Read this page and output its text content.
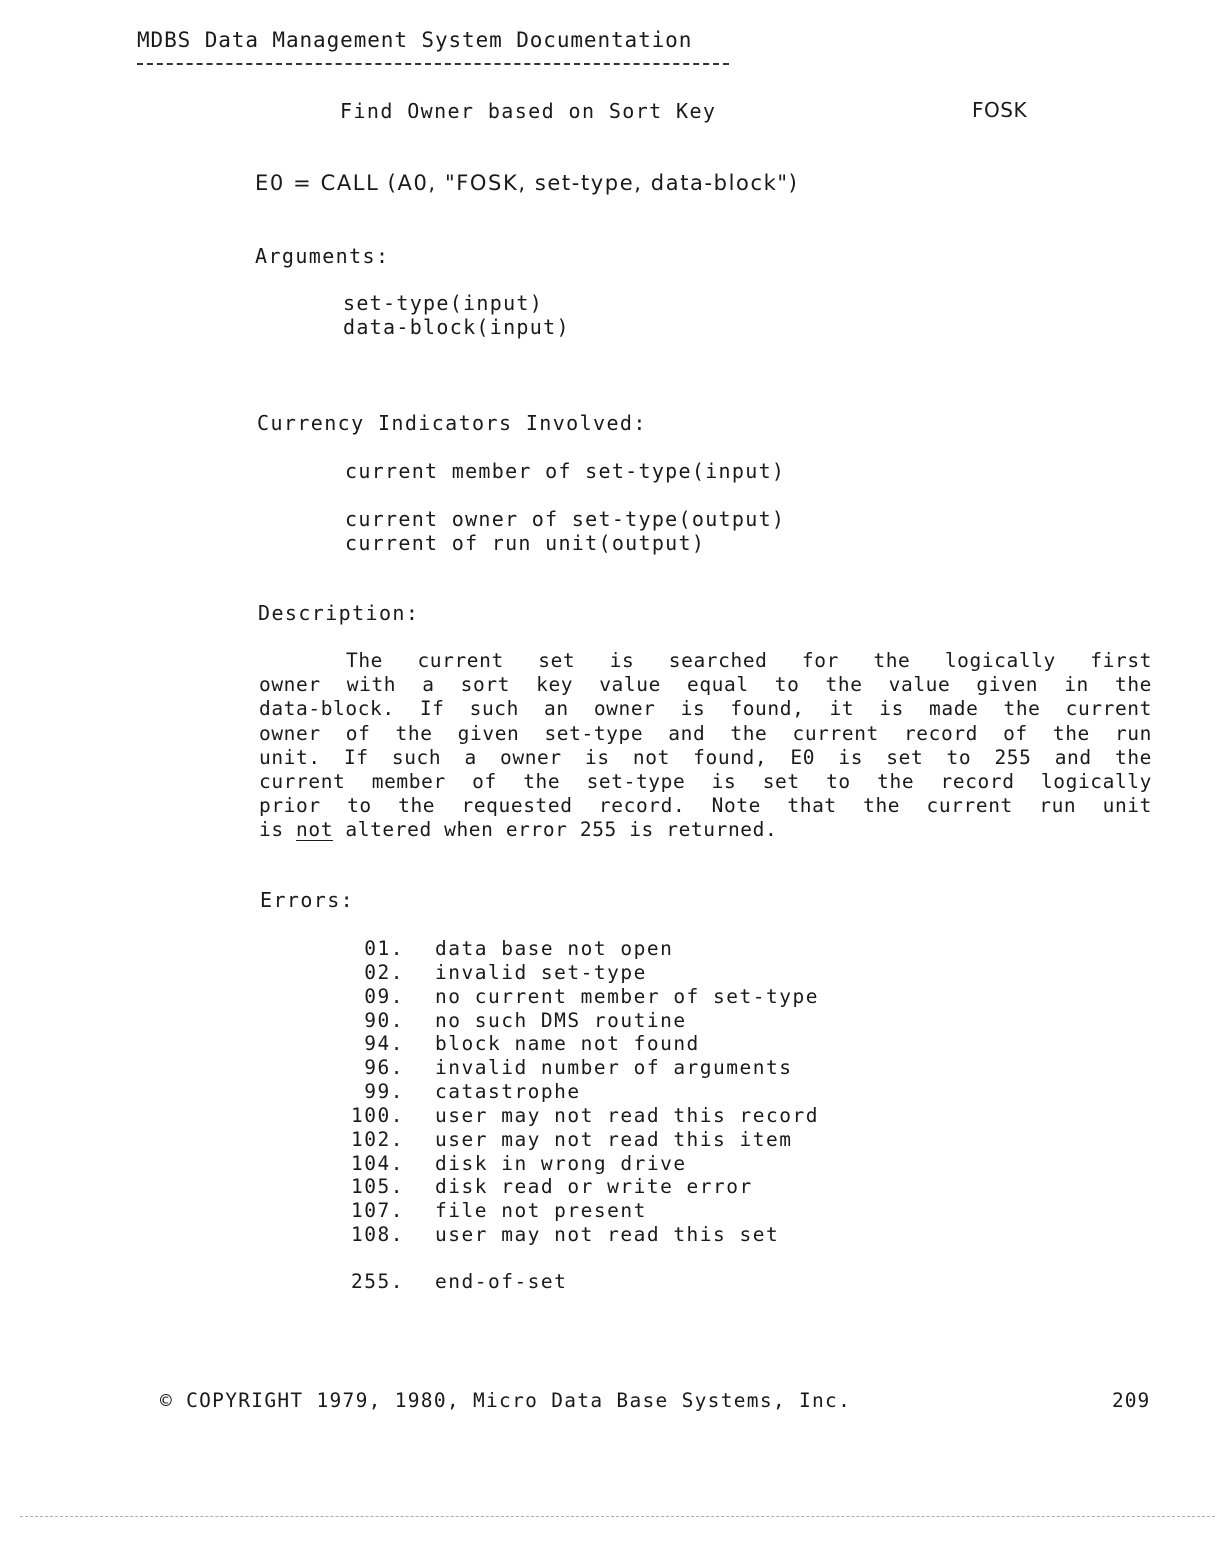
MDBS Data Management System Documentation
Find Owner based on Sort Key	FOSK
E0 = CALL (A0, "FOSK, set-type, data-block")
Arguments:
set-type(input)
data-block(input)
Currency Indicators Involved:
current member of set-type(input)
current owner of set-type(output)
current of run unit(output)
Description:
The current set is searched for the logically first
owner with a sort key value equal to the value given in the
data-block. If such an owner is found, it is made the current
owner of the given set-type and the current record of the run
unit. If such a owner is not found, E0 is set to 255 and the
current member of the set-type is set to the record logically
prior to the requested record. Note that the current run unit
is not altered when error 255 is returned.
Errors:
01. data base not open
02. invalid set-type
09. no current member of set-type
90. no such DMS routine
94. block name not found
96. invalid number of arguments
99. catastrophe
100. user may not read this record
102. user may not read this item
104. disk in wrong drive
105. disk read or write error
107. file not present
108. user may not read this set
255. end-of-set
© COPYRIGHT 1979, 1980, Micro Data Base Systems, Inc.	209
